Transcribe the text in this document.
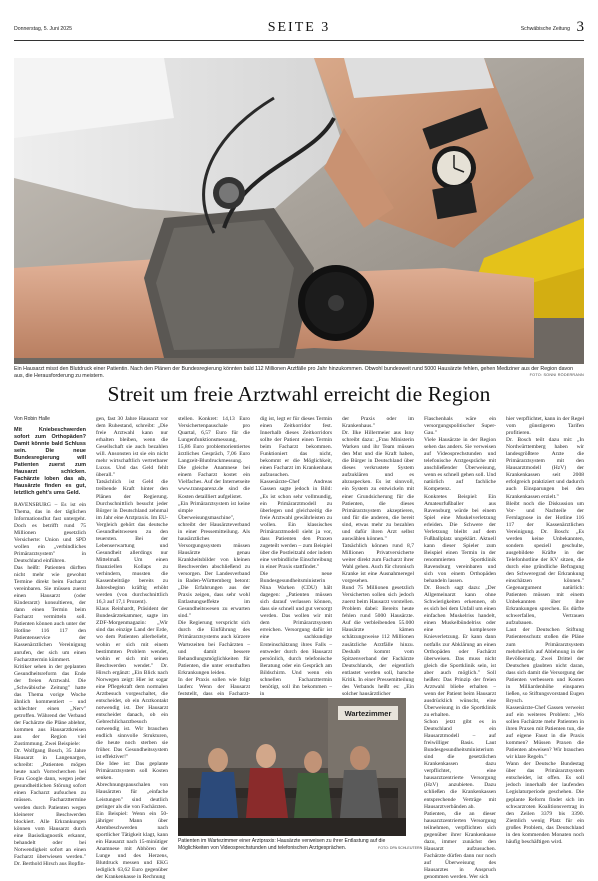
Donnerstag, 5. Juni 2025	SEITE 3	Schwäbische Zeitung 3
Ein Hausarzt misst den Blutdruck einer Patientin. Nach den Plänen der Bundesregierung könnten bald 112 Millionen Arztfälle pro Jahr hinzukommen. Obwohl bundesweit rund 5000 Hausärzte fehlen, gehen Mediziner aus der Region davon aus, die Herausforderung zu meistern.	FOTO: SONNI RÖDERRANN
Streit um freie Arztwahl erreicht die Region
Von Robin Halle
Mit Kniebeschwerden sofort zum Orthopäden? Damit könnte bald Schluss sein. Die neue Bundesregierung will Patienten zuerst zum Hausarzt schicken. Fachärzte loben das ab, Hausärzte finden es gut, letztlich geht's ums Geld.

RAVENSBURG – Es ist ein Thema, das in der täglichen Informationsflut fast untergeht. Doch es betrifft rund 75 Millionen gesetzlich Versicherte: Union und SPD wollen ein „verbindliches Primärarztsystem" in Deutschland einführen.

Das heißt: Patienten dürften nicht mehr wie gewohnt Termine direkt beim Facharzt vereinbaren. Sie müssen zuerst einen Hausarzt (oder Kinderarzt) konsultieren, der dann einen Termin beim Facharzt vermitteln soll. Patienten können auch unter der Hotline 116 117 den Patientenservice der Kassenärztlichen Vereinigung anrufen, der sich um einen Facharzttermin kümmert.

Kritiker sehen in der geplanten Gesundheitsreform das Ende der freien Arztwahl. Die „Schwäbische Zeitung" hatte das Thema vorige Woche ähnlich kommentiert – und schlechter einen „Nerv" getroffen. Während der Verband der Fachärzte die Pläne ablehnt, kommen aus Hausarztkreisen aus der Region viel Zustimmung. Zwei Beispiele:

Dr. Wolfgang Bosch, 35 Jahre Hausarzt in Langenargen, schreibt: „Patienten mögen heute nach Vorrecherchen bei Frau Google dann, wegen jeder gesundheitlichen Störung sofort einen Facharzt aufsuchen zu müssen. Facharzttermine werden durch Patienten wegen kleinerer Beschwerden blockiert. Alle Erkrankungen können vom Hausarzt durch eine Basisdiagnostik erkannt, behandelt oder bei Notwendigkeit sofort an einen Facharzt überwiesen werden." Dr. Berthold Hirsch aus Bopfin-

gen, fast 30 Jahre Hausarzt vor dem Ruhestand, schreibt: „Die freie Arztwahl kann nur erhalten bleiben, wenn die Gesellschaft sie auch bezahlen will. Ansonsten ist sie ein nicht mehr wirtschaftlich vertretbarer Luxus. Und das Geld fehlt überall."

Tatsächlich ist Geld die treibende Kraft hinter den Plänen der Regierung. Durchschnittlich besucht jeder Bürger in Deutschland zehnmal im Jahr eine Arztpraxis. Im EU-Vergleich gehört das deutsche Gesundheitswesen zu den teuersten. Bei der Lebenserwartung und Gesundheit allerdings nur Mittelmaß. Um einen finanziellen Kollaps zu verhindern, mussten die Kassenbeiträge bereits zu Jahresbeginn kräftig erhöht werden (von durchschnittlich 16,3 auf 17,1 Prozent).

Klaus Reinhardt, Präsident der Bundesärztekammer, sagte im ZDF-Morgenmagazin: „Wir sind das einzige Land der Erde, wo dem Patienten allerbeliebt, wohin er sich mit einem bestimmten Problem wendet, wohin er sich mit seinen Beschwerden wendet." Dr. Hirsch ergänzt: „Ein Blick nach Norwegen zeigt: Hier ist sogar eine Pflegekraft dem normalen Arztbesuch vorgeschaltet, die entscheidet, ob ein Arztkontakt notwendig ist. Der Hausarzt entscheidet danach, ob ein Gebrechlicharztbesuch notwendig ist. Wir brauchen endlich sinnvolle Strukturen, die heute noch sterben sie früher. Das Gesundheitssystem ist effektiver!"

Die Idee ist: Das geplante Primärarztsystem soll Kosten senken. Abrechnungspauschalen von Hausärzten für „einfache Leistungen" sind deutlich geringer als die von Fachärzten.

Ein Beispiel: Wenn ein 50-jähriger Mann über Atembeschwerden nach sportlicher Tätigkeit klagt, kann ein Hausarzt nach 15-minütiger Anamnese mit Abhören der Lunge und des Herzens, Blutdruck messen und EKG lediglich 63,62 Euro gegenüber der Krankenkasse in Rechnung

stellen. Konkret: 14,13 Euro Versichertenpauschale pro Quartal, 6,57 Euro für die Lungenfunktionsmessung, 15,86 Euro problemorientiertes ärztliches Gespräch, 7,06 Euro Langzeit-Blutdruckmessung. Die gleiche Anamnese bei einem Facharzt kostet ein Vielfaches. Auf der Internetseite www.transparenz.de sind die Kosten detailliert aufgelistet.

„Ein Primärarztsystem ist keine simple Überweisungsmaschine", schreibt der Hausärzteverband in einer Pressemitteilung. Als hausärztliches Versorgungssystem müssen Hausärzte genau Krankheitsbilder von kleinen Beschwerden abschließend zu versorgen. Der Landesverband in Baden-Württemberg betont: „Die Erfahrungen aus der Praxis zeigen, dass sehr wohl Entlastungseffekte im Gesundheitswesen zu erwarten sind."

Die Regierung verspricht sich durch die Einführung des Primärarztsystems auch kürzere Wartezeiten bei Fachärzten – und damit bessere Behandlungsmöglichkeiten für Patienten, die unter ernsthaften Erkrankungen leiden.

In der Praxis sollen wie folgt laufen: Wenn der Hausarzt feststellt, dass ein Facharzt-

dig ist, legt er für dieses Termin einen Zeitkorridor fest. Innerhalb dieses Zeitkorridors sollte der Patient einen Termin beim Facharzt bekommen. Funktioniert das nicht, bekommt er die Möglichkeit, einen Facharzt im Krankenhaus aufzusuchen.

Kassenärzte-Chef Andreas Gassen sagte jedoch in Bild: „Es ist schon sehr vollmundig, ein Primärarztmodell zu überlegen und gleichzeitig die freie Arztwahl gewährleisten zu wollen. Ein klassisches Primärarztmodell sieht ja vor, dass Patienten den Praxen zugeteilt werden – zum Beispiel über die Postleitzahl oder indem eine verbindliche Einschreibung in einer Praxis stattfindet."

Die neue Bundesgesundheitsministerin Nina Warken (CDU) hält dagegen: „Patienten müssen sich darauf verlassen können, dass sie schnell und gut versorgt werden. Das wollen wir mit dem Primärarztsystem erreichen. Versorgung dafür ist eine sachkundige Ersteinschätzung ihres Falls – entweder durch den Hausarzt persönlich, durch telefonische Beratung oder ein Gespräch am Bildschirm. Und wenn ein schnellen Facharzttermin benötigt, soll ihn bekommen – in

der Praxis oder im Krankenhaus."

Dr. Ilke Hillermeier aus Isny schreibt dazu: „Frau Ministerin Warken und ihr Team müssen den Mut und die Kraft haben, die Bürger in Deutschland über dieses verkrustete System aufzuklären und es abzuspecken. Es ist sinnvoll, ein System zu entwickeln mit einer Grundsicherung für die Patienten, die dieses Primärarztsystem akzeptieren, und für die anderen, die bereit sind, etwas mehr zu bezahlen und dafür ihren Arzt selbst auswählen können."

Tatsächlich können rund 8,7 Millionen Privatversicherte weiter direkt zum Facharzt ihrer Wahl gehen. Auch für chronisch Kranke ist eine Ausnahmeregel vorgesehen.

Rund 75 Millionen gesetzlich Versicherten sollen sich jedoch zuerst beim Hausarzt vorstellen. Problem dabei: Bereits heute fehlen rund 5000 Hausärzte. Auf die verbleibenden 55.000 Hausärzte kämen schätzungsweise 112 Millionen zusätzliche Arztfälle hinzu. Deshalb kommt vom Spitzenverband der Fachärzte Deutschlands, der eigentlich entlastet werden soll, harsche Kritik. In einer Pressemitteilung des Verbands heißt es: „Ein solcher hausärztlicher

Flaschenhals wäre ein versorgungspolitischer Super-Gau."

Viele Hausärzte in der Region sehen das anders. Sie verweisen auf Videosprechstunden und telefonische Arztgespräche mit anschließender Überweisung, wenn es schnell gehen soll. Und natürlich auf fachliche Kompetenz.

Konkretes Beispiel: Ein Amateurfußballer aus Ravensburg würde bei einem Spiel eine Muskelverletzung erleiden. Die Schwere der Verletzung bleibt auf dem Fußballplatz ungeklärt. Aktuell kann dieser Spieler zum Beispiel einen Termin in der renommierten Sportklinik Ravensburg vereinbaren und sich von einem Orthopäden behandeln lassen.

Dr. Bosch sagt dazu: „Der Allgemeinarzt kann ohne Schwierigkeiten erkennen, ob es sich bei dem Unfall um einen einfachen Muskelriss handelt, einen Muskelbündelriss oder eine komplexere Knieverletzung. Er kann dann notfalls zur Abklärung an einen Orthopäden oder Fachärzt überweisen. Das muss nicht gleich die Sportklinik sein, ist aber auch möglich." Soll heißen: Das Prinzip der freien Arztwahl bliebe erhalten – wenn der Patient beim Hausarzt ausdrücklich wünscht, eine Überweisung in die Sportklinik zu erhalten.

Schon jetzt gibt es in Deutschland ein Hausarztmodell – auf freiwilliger Basis. Laut Bundesgesundheitsministerium sind die gesetzlichen Krankenkassen dazu verpflichtet, eine hausarztzentrierte Versorgung (HzV) anzubieten. Dazu schließen die Krankenkassen entsprechende Verträge mit Hausarztverbänden ab.

Patienten, die an dieser hausarztzentrierten Versorgung teilnehmen, verpflichten sich gegenüber ihrer Krankenkasse dazu, immer zunächst den Hausarzt aufzusuchen. Fachärzte dürfen dann nur noch auf Überweisung des Hausarztes in Anspruch genommen werden. Wer sich

hier verpflichtet, kann in der Regel vom günstigeren Tarifen profitieren.

Dr. Bosch teilt dazu mit: „In Nordwürttemberg haben wir landesgrößtere Arzte die Primärarztsystem mit den Hausarztmodell (HzV) der Krankenkassen seit 2008 erfolgreich praktiziert und dadurch auch Einsparungen bei den Krankenkassen erzielt."

Bleibt noch die Diskussion um Vor- und Nachteile der Fernlagnose in der Hotline 116 117 der Kassenärztlichen Vereinigung. Dr. Bosch: „Es werden keine Unbekannten, sondern speziell geschulte, ausgebildete Kräfte in der Telefonhotline der KV sitzen, die durch eine gründliche Befragung den Schweregrad der Erkrankung einschätzen können." Gegenargument natürlich: Patienten müssen mit einem Unbekannten über ihre Erkrankungen sprechen. Es dürfte schwerfallen, Vertrauen aufzubauen.

Laut der Deutschen Stiftung Patientenschutz stoßen die Pläne zum Primärarztsystem mehrheitlich auf Ablehnung in der Bevölkerung. Zwei Drittel der Deutschen glaubten nicht daran, dass sich damit die Versorgung der Patienten verbessern und Kosten in Milliardenhöhe einsparen ließen, so Stiftungsvorstand Eugen Brysch.

Kassenärzte-Chef Gassen verweist auf ein weiteres Problem: „Wo sollen Fachärzte mehr Patienten in ihren Praxen mit Patienten tun, die auf eigene Faust in die Praxis kommen? Müssen Praxen die Patienten abweisen? Wir brauchen wir klare Regeln."

Wann der Deutsche Bundestag über das Primärarztsystem entscheidet, ist offen. Es soll jedoch innerhalb der laufenden Legislaturperiode geschehen. Die geplante Reform findet sich im schwarzroten Koalitionsvertrag in den Zeilen 3379 bis 3390. Ziemlich wenig Platz für ein großes Problem, das Deutschland in den kommenden Monaten noch häufig beschäftigen wird.

Wartezimmer
Patienten im Wartezimmer einer Arztpraxis: Hausärzte verweisen zu ihrer Entlastung auf die Möglichkeiten von Videosprechstunden und telefonischen Arztgesprächen.	FOTO: DPA SCHLEUTERN
